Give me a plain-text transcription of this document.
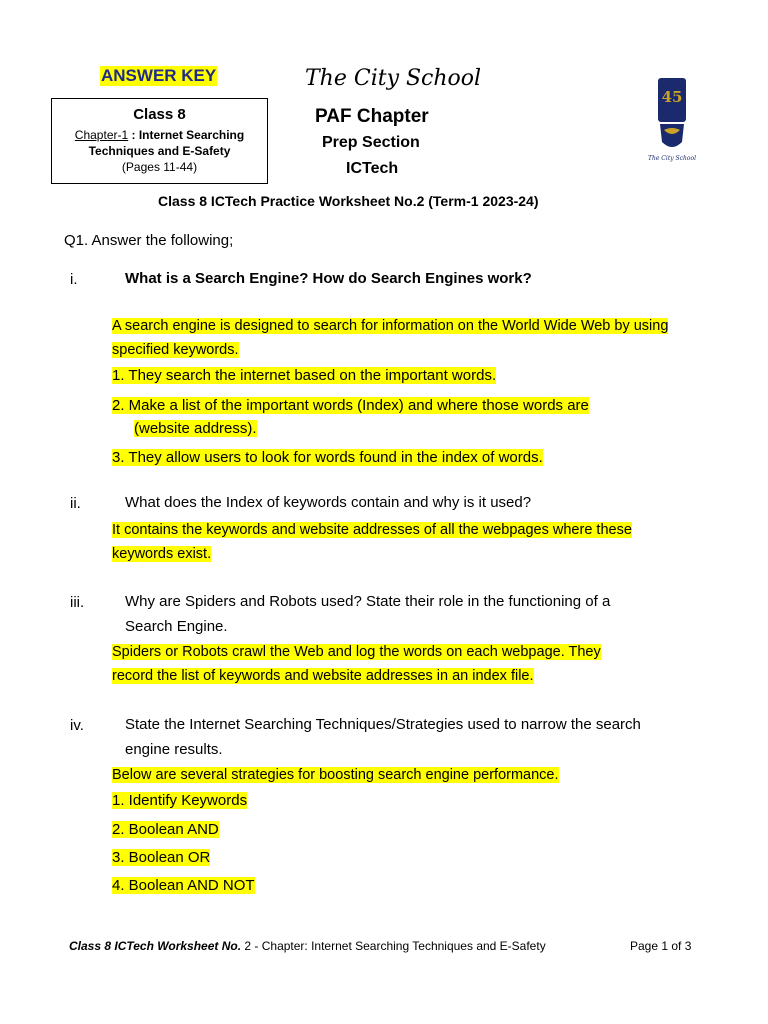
ANSWER KEY
Class 8
Chapter-1 : Internet Searching
Techniques and E-Safety
(Pages 11-44)
The City School
PAF Chapter
Prep Section
ICTech
45
The City School
Class 8 ICTech Practice Worksheet No.2 (Term-1 2023-24)
Q1. Answer the following;
i.	What is a Search Engine? How do Search Engines work?
A search engine is designed to search for information on the World Wide Web by using
specified keywords.
1. They search the internet based on the important words.
2. Make a list of the important words (Index) and where those words are
(website address).
3. They allow users to look for words found in the index of words.
ii.	What does the Index of keywords contain and why is it used?
It contains the keywords and website addresses of all the webpages where these
keywords exist.
iii.	Why are Spiders and Robots used? State their role in the functioning of a
Search Engine.
Spiders or Robots crawl the Web and log the words on each webpage. They
record the list of keywords and website addresses in an index file.
iv.	State the Internet Searching Techniques/Strategies used to narrow the search
engine results.
Below are several strategies for boosting search engine performance.
1. Identify Keywords
2. Boolean AND
3. Boolean OR
4. Boolean AND NOT
Class 8 ICTech Worksheet No. 2 - Chapter: Internet Searching Techniques and E-Safety	Page 1 of 3
